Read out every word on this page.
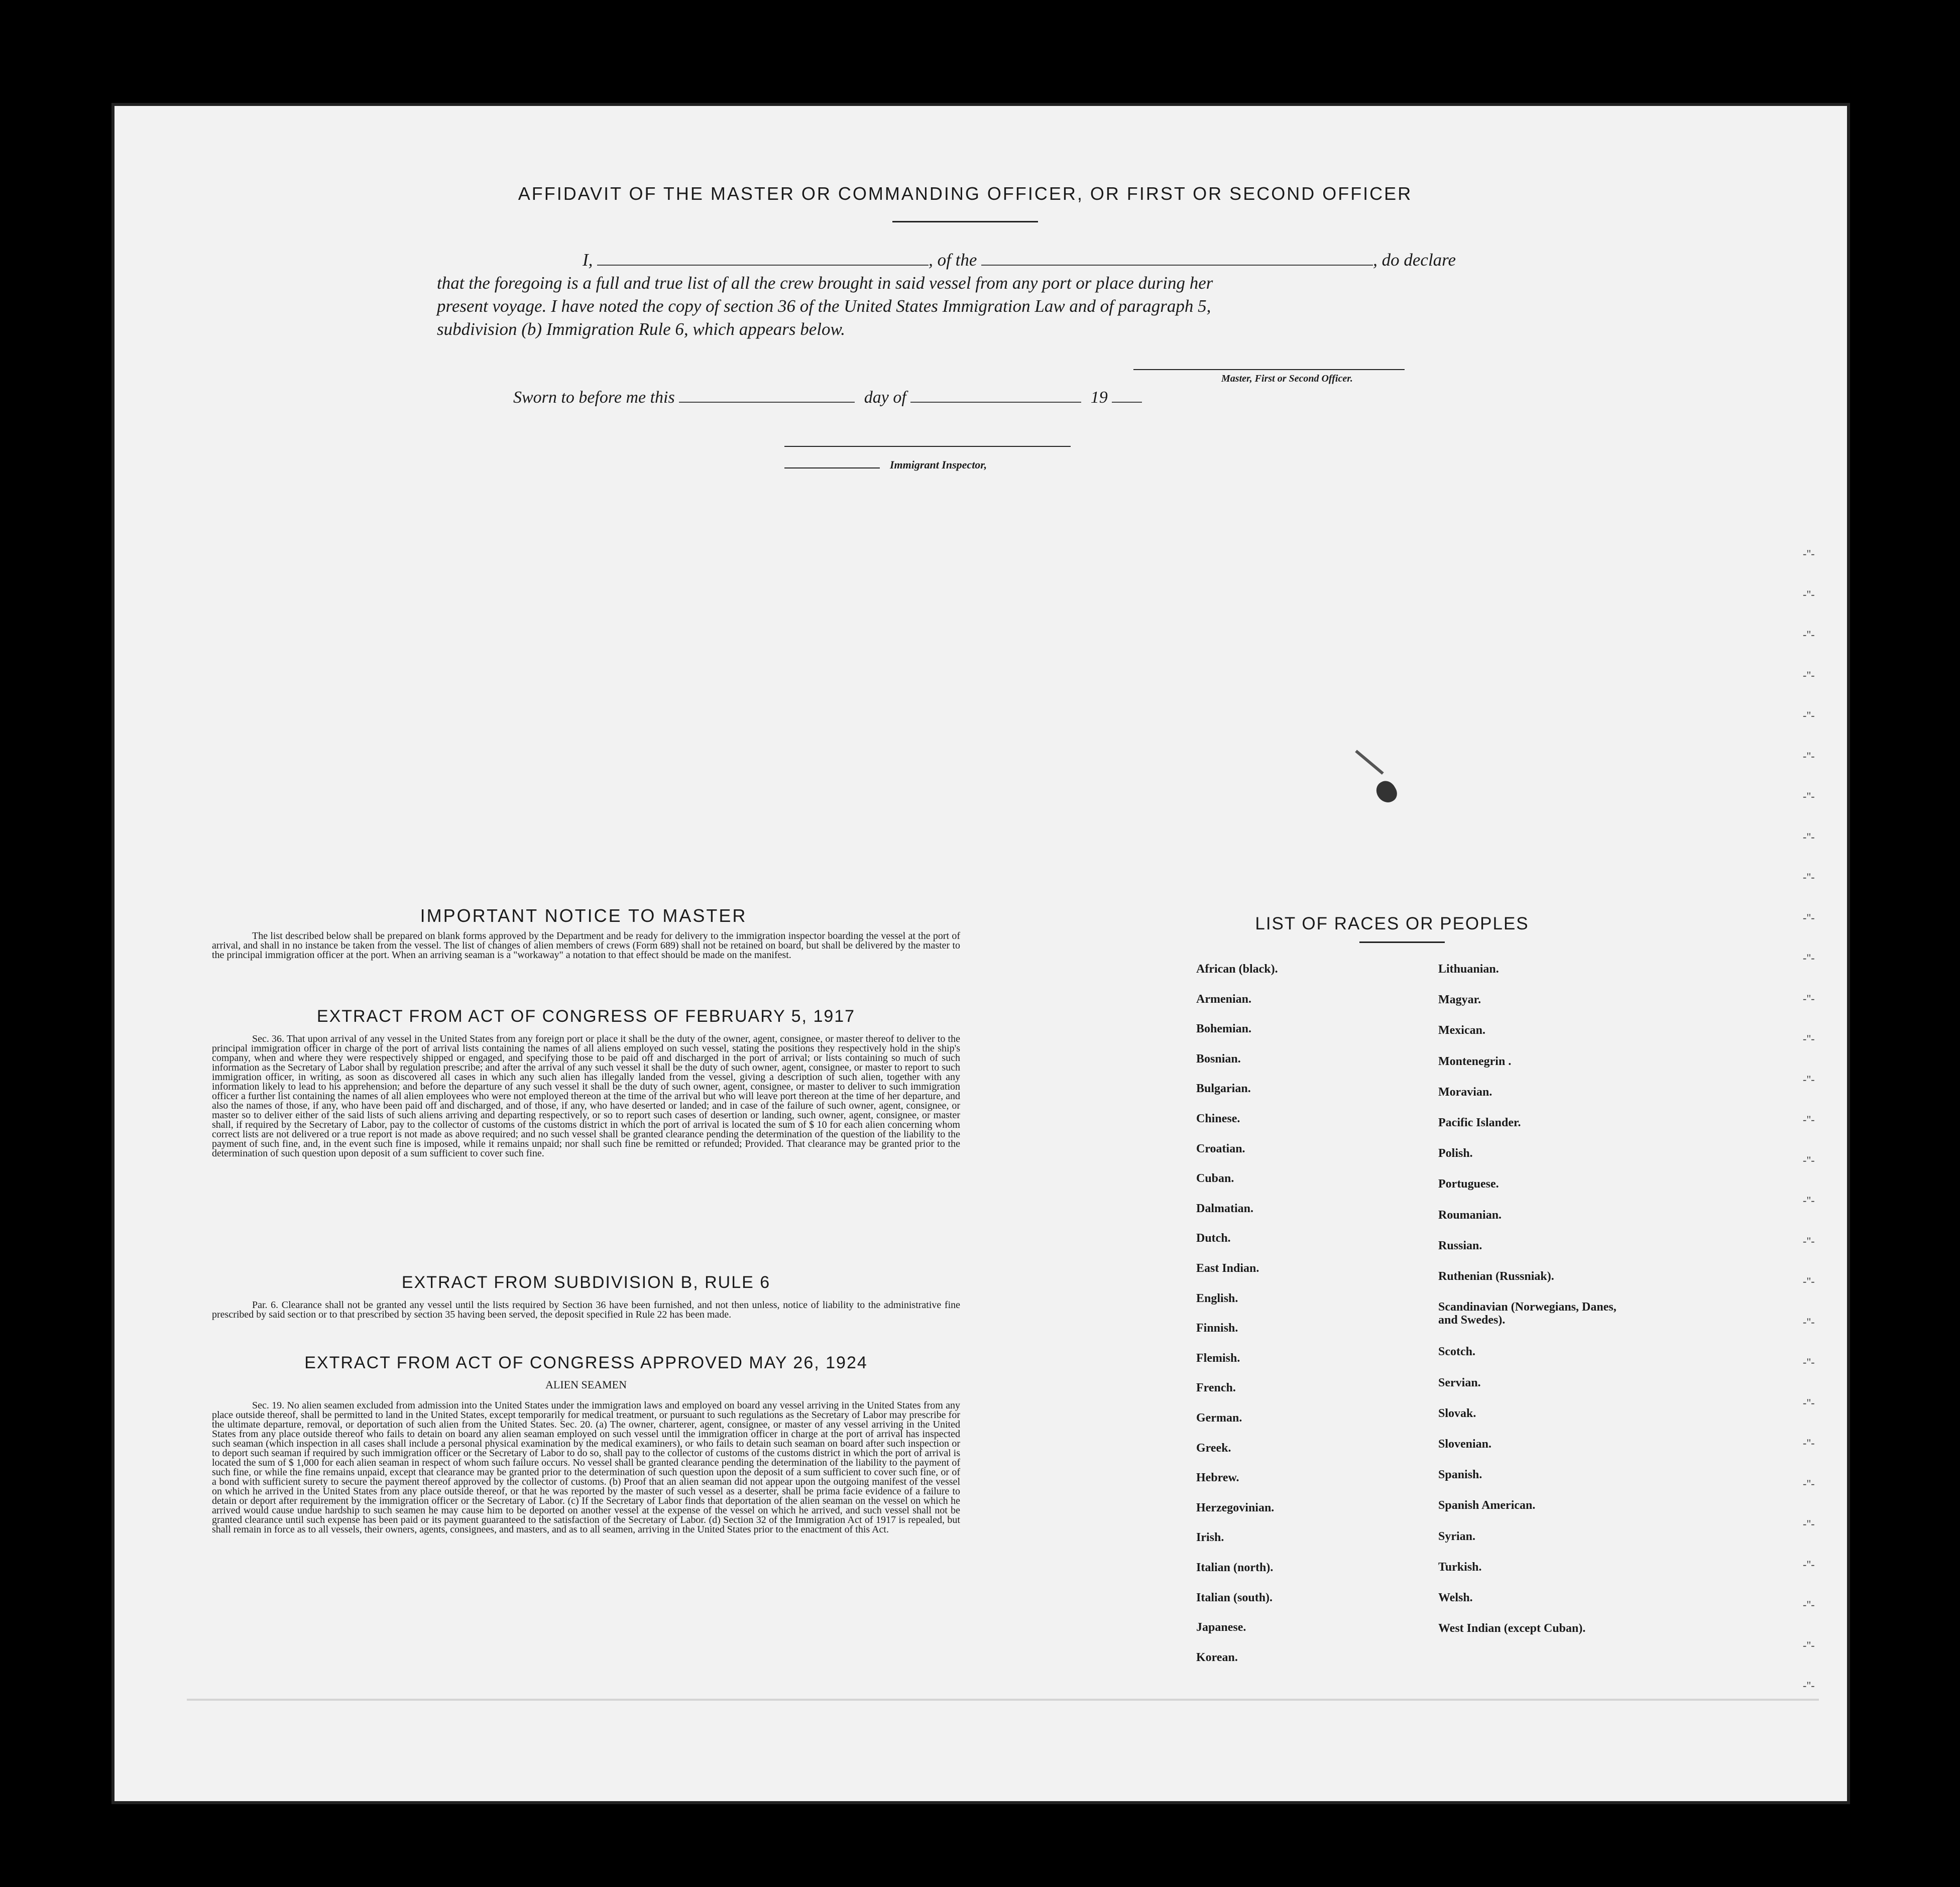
AFFIDAVIT OF THE MASTER OR COMMANDING OFFICER, OR FIRST OR SECOND OFFICER
I,	, of the	, do declare
that the foregoing is a full and true list of all the crew brought in said vessel from any port or place during her
present voyage. I have noted the copy of section 36 of the United States Immigration Law and of paragraph 5,
subdivision (b) Immigration Rule 6, which appears below.
Master, First or Second Officer.
Sworn to before me this	day of	19
Immigrant Inspector,
-"-
-"-
-"-
-"-
-"-
-"-
-"-
-"-
-"-
-"-
-"-
-"-
-"-
-"-
-"-
-"-
-"-
-"-
-"-
-"-
-"-
-"-
-"-
-"-
-"-
-"-
-"-
-"-
-"-
IMPORTANT NOTICE TO MASTER
The list described below shall be prepared on blank forms approved by the Department and be ready for delivery to the immigration inspector boarding the vessel at the port of arrival, and shall in no instance be taken from the vessel. The list of changes of alien members of crews (Form 689) shall not be retained on board, but shall be delivered by the master to the principal immigration officer at the port. When an arriving seaman is a "workaway" a notation to that effect should be made on the manifest.
EXTRACT FROM ACT OF CONGRESS OF FEBRUARY 5, 1917
Sec. 36. That upon arrival of any vessel in the United States from any foreign port or place it shall be the duty of the owner, agent, consignee, or master thereof to deliver to the principal immigration officer in charge of the port of arrival lists containing the names of all aliens employed on such vessel, stating the positions they respectively hold in the ship's company, when and where they were respectively shipped or engaged, and specifying those to be paid off and discharged in the port of arrival; or lists containing so much of such information as the Secretary of Labor shall by regulation prescribe; and after the arrival of any such vessel it shall be the duty of such owner, agent, consignee, or master to report to such immigration officer, in writing, as soon as discovered all cases in which any such alien has illegally landed from the vessel, giving a description of such alien, together with any information likely to lead to his apprehension; and before the departure of any such vessel it shall be the duty of such owner, agent, consignee, or master to deliver to such immigration officer a further list containing the names of all alien employees who were not employed thereon at the time of the arrival but who will leave port thereon at the time of her departure, and also the names of those, if any, who have been paid off and discharged, and of those, if any, who have deserted or landed; and in case of the failure of such owner, agent, consignee, or master so to deliver either of the said lists of such aliens arriving and departing respectively, or so to report such cases of desertion or landing, such owner, agent, consignee, or master shall, if required by the Secretary of Labor, pay to the collector of customs of the customs district in which the port of arrival is located the sum of $ 10 for each alien concerning whom correct lists are not delivered or a true report is not made as above required; and no such vessel shall be granted clearance pending the determination of the question of the liability to the payment of such fine, and, in the event such fine is imposed, while it remains unpaid; nor shall such fine be remitted or refunded; Provided. That clearance may be granted prior to the determination of such question upon deposit of a sum sufficient to cover such fine.
EXTRACT FROM SUBDIVISION B, RULE 6
Par. 6. Clearance shall not be granted any vessel until the lists required by Section 36 have been furnished, and not then unless, notice of liability to the administrative fine prescribed by said section or to that prescribed by section 35 having been served, the deposit specified in Rule 22 has been made.
EXTRACT FROM ACT OF CONGRESS APPROVED MAY 26, 1924
ALIEN SEAMEN
Sec. 19. No alien seamen excluded from admission into the United States under the immigration laws and employed on board any vessel arriving in the United States from any place outside thereof, shall be permitted to land in the United States, except temporarily for medical treatment, or pursuant to such regulations as the Secretary of Labor may prescribe for the ultimate departure, removal, or deportation of such alien from the United States. Sec. 20. (a) The owner, charterer, agent, consignee, or master of any vessel arriving in the United States from any place outside thereof who fails to detain on board any alien seaman employed on such vessel until the immigration officer in charge at the port of arrival has inspected such seaman (which inspection in all cases shall include a personal physical examination by the medical examiners), or who fails to detain such seaman on board after such inspection or to deport such seaman if required by such immigration officer or the Secretary of Labor to do so, shall pay to the collector of customs of the customs district in which the port of arrival is located the sum of $ 1,000 for each alien seaman in respect of whom such failure occurs. No vessel shall be granted clearance pending the determination of the liability to the payment of such fine, or while the fine remains unpaid, except that clearance may be granted prior to the determination of such question upon the deposit of a sum sufficient to cover such fine, or of a bond with sufficient surety to secure the payment thereof approved by the collector of customs. (b) Proof that an alien seaman did not appear upon the outgoing manifest of the vessel on which he arrived in the United States from any place outside thereof, or that he was reported by the master of such vessel as a deserter, shall be prima facie evidence of a failure to detain or deport after requirement by the immigration officer or the Secretary of Labor. (c) If the Secretary of Labor finds that deportation of the alien seaman on the vessel on which he arrived would cause undue hardship to such seamen he may cause him to be deported on another vessel at the expense of the vessel on which he arrived, and such vessel shall not be granted clearance until such expense has been paid or its payment guaranteed to the satisfaction of the Secretary of Labor. (d) Section 32 of the Immigration Act of 1917 is repealed, but shall remain in force as to all vessels, their owners, agents, consignees, and masters, and as to all seamen, arriving in the United States prior to the enactment of this Act.
LIST OF RACES OR PEOPLES
African (black).
Armenian.
Bohemian.
Bosnian.
Bulgarian.
Chinese.
Croatian.
Cuban.
Dalmatian.
Dutch.
East Indian.
English.
Finnish.
Flemish.
French.
German.
Greek.
Hebrew.
Herzegovinian.
Irish.
Italian (north).
Italian (south).
Japanese.
Korean.
Lithuanian.
Magyar.
Mexican.
Montenegrin .
Moravian.
Pacific Islander.
Polish.
Portuguese.
Roumanian.
Russian.
Ruthenian (Russniak).
Scandinavian (Norwegians, Danes, and Swedes).
Scotch.
Servian.
Slovak.
Slovenian.
Spanish.
Spanish American.
Syrian.
Turkish.
Welsh.
West Indian (except Cuban).
